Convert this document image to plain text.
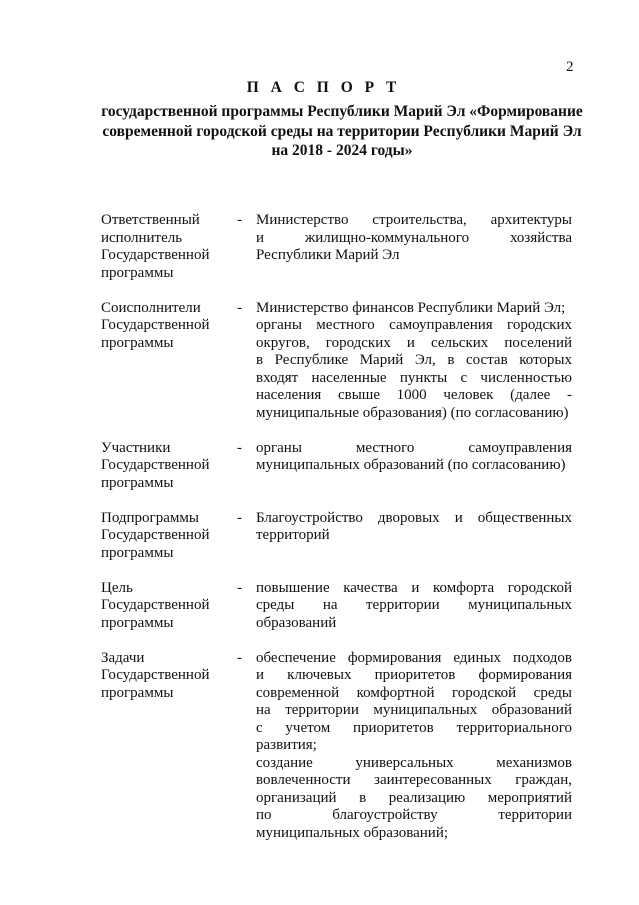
2
П А С П О Р Т
государственной программы Республики Марий Эл «Формирование
современной городской среды на территории Республики Марий Эл
на 2018 - 2024 годы»
Ответственный
исполнитель
Государственной
программы
- Министерство строительства, архитектуры
и жилищно-коммунального хозяйства
Республики Марий Эл
Соисполнители
Государственной
программы
- Министерство финансов Республики Марий Эл;
органы местного самоуправления городских
округов, городских и сельских поселений
в Республике Марий Эл, в состав которых
входят населенные пункты с численностью
населения свыше 1000 человек (далее -
муниципальные образования) (по согласованию)
Участники
Государственной
программы
- органы местного самоуправления
муниципальных образований (по согласованию)
Подпрограммы
Государственной
программы
- Благоустройство дворовых и общественных
территорий
Цель
Государственной
программы
- повышение качества и комфорта городской
среды на территории муниципальных
образований
Задачи
Государственной
программы
- обеспечение формирования единых подходов
и ключевых приоритетов формирования
современной комфортной городской среды
на территории муниципальных образований
с учетом приоритетов территориального
развития;
создание универсальных механизмов
вовлеченности заинтересованных граждан,
организаций в реализацию мероприятий
по благоустройству территории
муниципальных образований;
